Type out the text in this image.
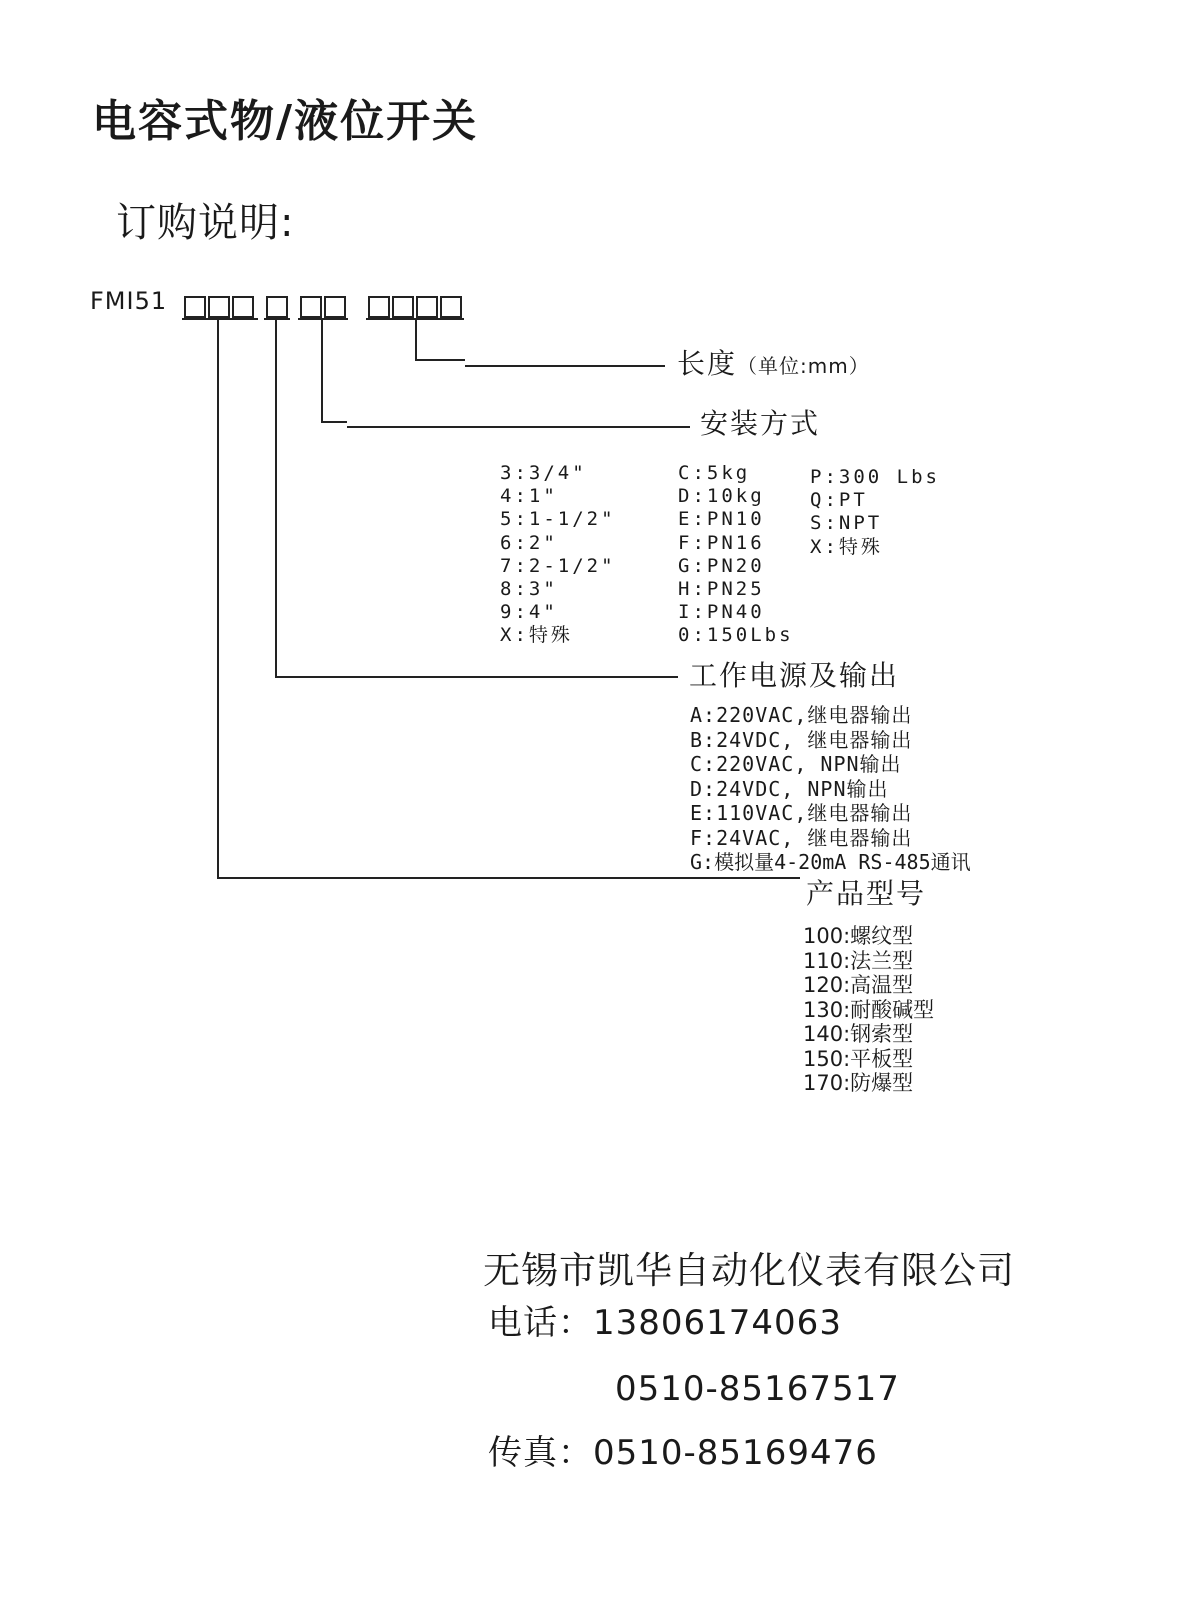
电容式物/液位开关
订购说明:
FMI51
长度（单位:mm）
安装方式
3:3/4"
4:1"
5:1-1/2"
6:2"
7:2-1/2"
8:3"
9:4"
X:特殊
C:5kg
D:10kg
E:PN10
F:PN16
G:PN20
H:PN25
I:PN40
0:150Lbs
P:300 Lbs
Q:PT
S:NPT
X:特殊
工作电源及输出
A:220VAC,继电器输出
B:24VDC, 继电器输出
C:220VAC, NPN输出
D:24VDC, NPN输出
E:110VAC,继电器输出
F:24VAC, 继电器输出
G:模拟量4-20mA RS-485通讯
产品型号
100:螺纹型
110:法兰型
120:高温型
130:耐酸碱型
140:钢索型
150:平板型
170:防爆型
无锡市凯华自动化仪表有限公司
电话：13806174063
0510-85167517
传真：0510-85169476
